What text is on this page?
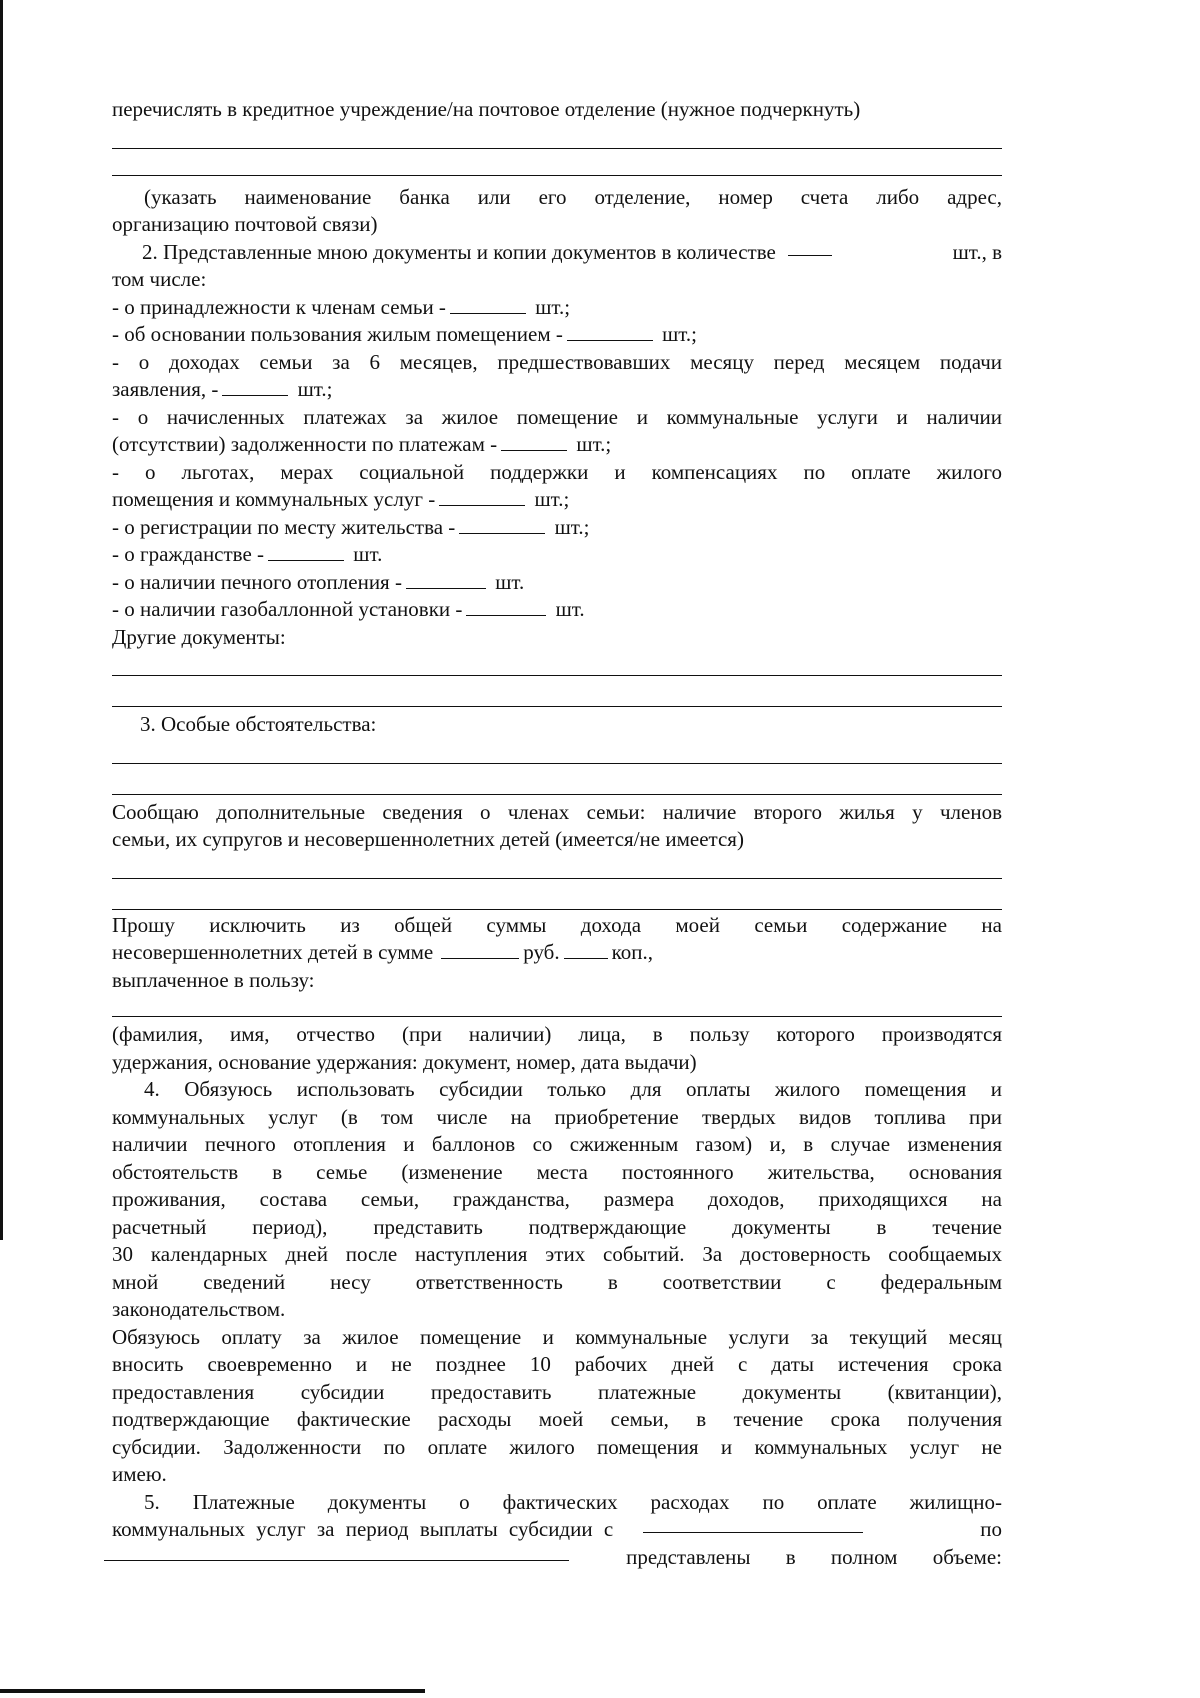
перечислять в кредитное учреждение/на почтовое отделение (нужное подчеркнуть)
(указать наименование банка или его отделение, номер счета либо адрес,
организацию почтовой связи)
2. Представленные мною документы и копии документов в количестве	шт., в
том числе:
- о принадлежности к членам семьи -	шт.;
- об основании пользования жилым помещением -	шт.;
- о доходах семьи за 6 месяцев, предшествовавших месяцу перед месяцем подачи
заявления, -	шт.;
- о начисленных платежах за жилое помещение и коммунальные услуги и наличии
(отсутствии) задолженности по платежам -	шт.;
- о льготах, мерах социальной поддержки и компенсациях по оплате жилого
помещения и коммунальных услуг -	шт.;
- о регистрации по месту жительства -	шт.;
- о гражданстве -	шт.
- о наличии печного отопления -	шт.
- о наличии газобаллонной установки -	шт.
Другие документы:
3. Особые обстоятельства:
Сообщаю дополнительные сведения о членах семьи: наличие второго жилья у членов
семьи, их супругов и несовершеннолетних детей (имеется/не имеется)
Прошу исключить из общей суммы дохода моей семьи содержание на
несовершеннолетних детей в сумме	руб. коп.,
выплаченное в пользу:
(фамилия, имя, отчество (при наличии) лица, в пользу которого производятся
удержания, основание удержания: документ, номер, дата выдачи)
4. Обязуюсь использовать субсидии только для оплаты жилого помещения и
коммунальных услуг (в том числе на приобретение твердых видов топлива при
наличии печного отопления и баллонов со сжиженным газом) и, в случае изменения
обстоятельств в семье (изменение места постоянного жительства, основания
проживания, состава семьи, гражданства, размера доходов, приходящихся на
расчетный период), представить подтверждающие документы в течение
30 календарных дней после наступления этих событий. За достоверность сообщаемых
мной сведений несу ответственность в соответствии с федеральным
законодательством.
Обязуюсь оплату за жилое помещение и коммунальные услуги за текущий месяц
вносить своевременно и не позднее 10 рабочих дней с даты истечения срока
предоставления субсидии предоставить платежные документы (квитанции),
подтверждающие фактические расходы моей семьи, в течение срока получения
субсидии. Задолженности по оплате жилого помещения и коммунальных услуг не
имею.
5. Платежные документы о фактических расходах по оплате жилищно-
коммунальных услуг за период выплаты субсидии с	по
представлены в полном объеме:
